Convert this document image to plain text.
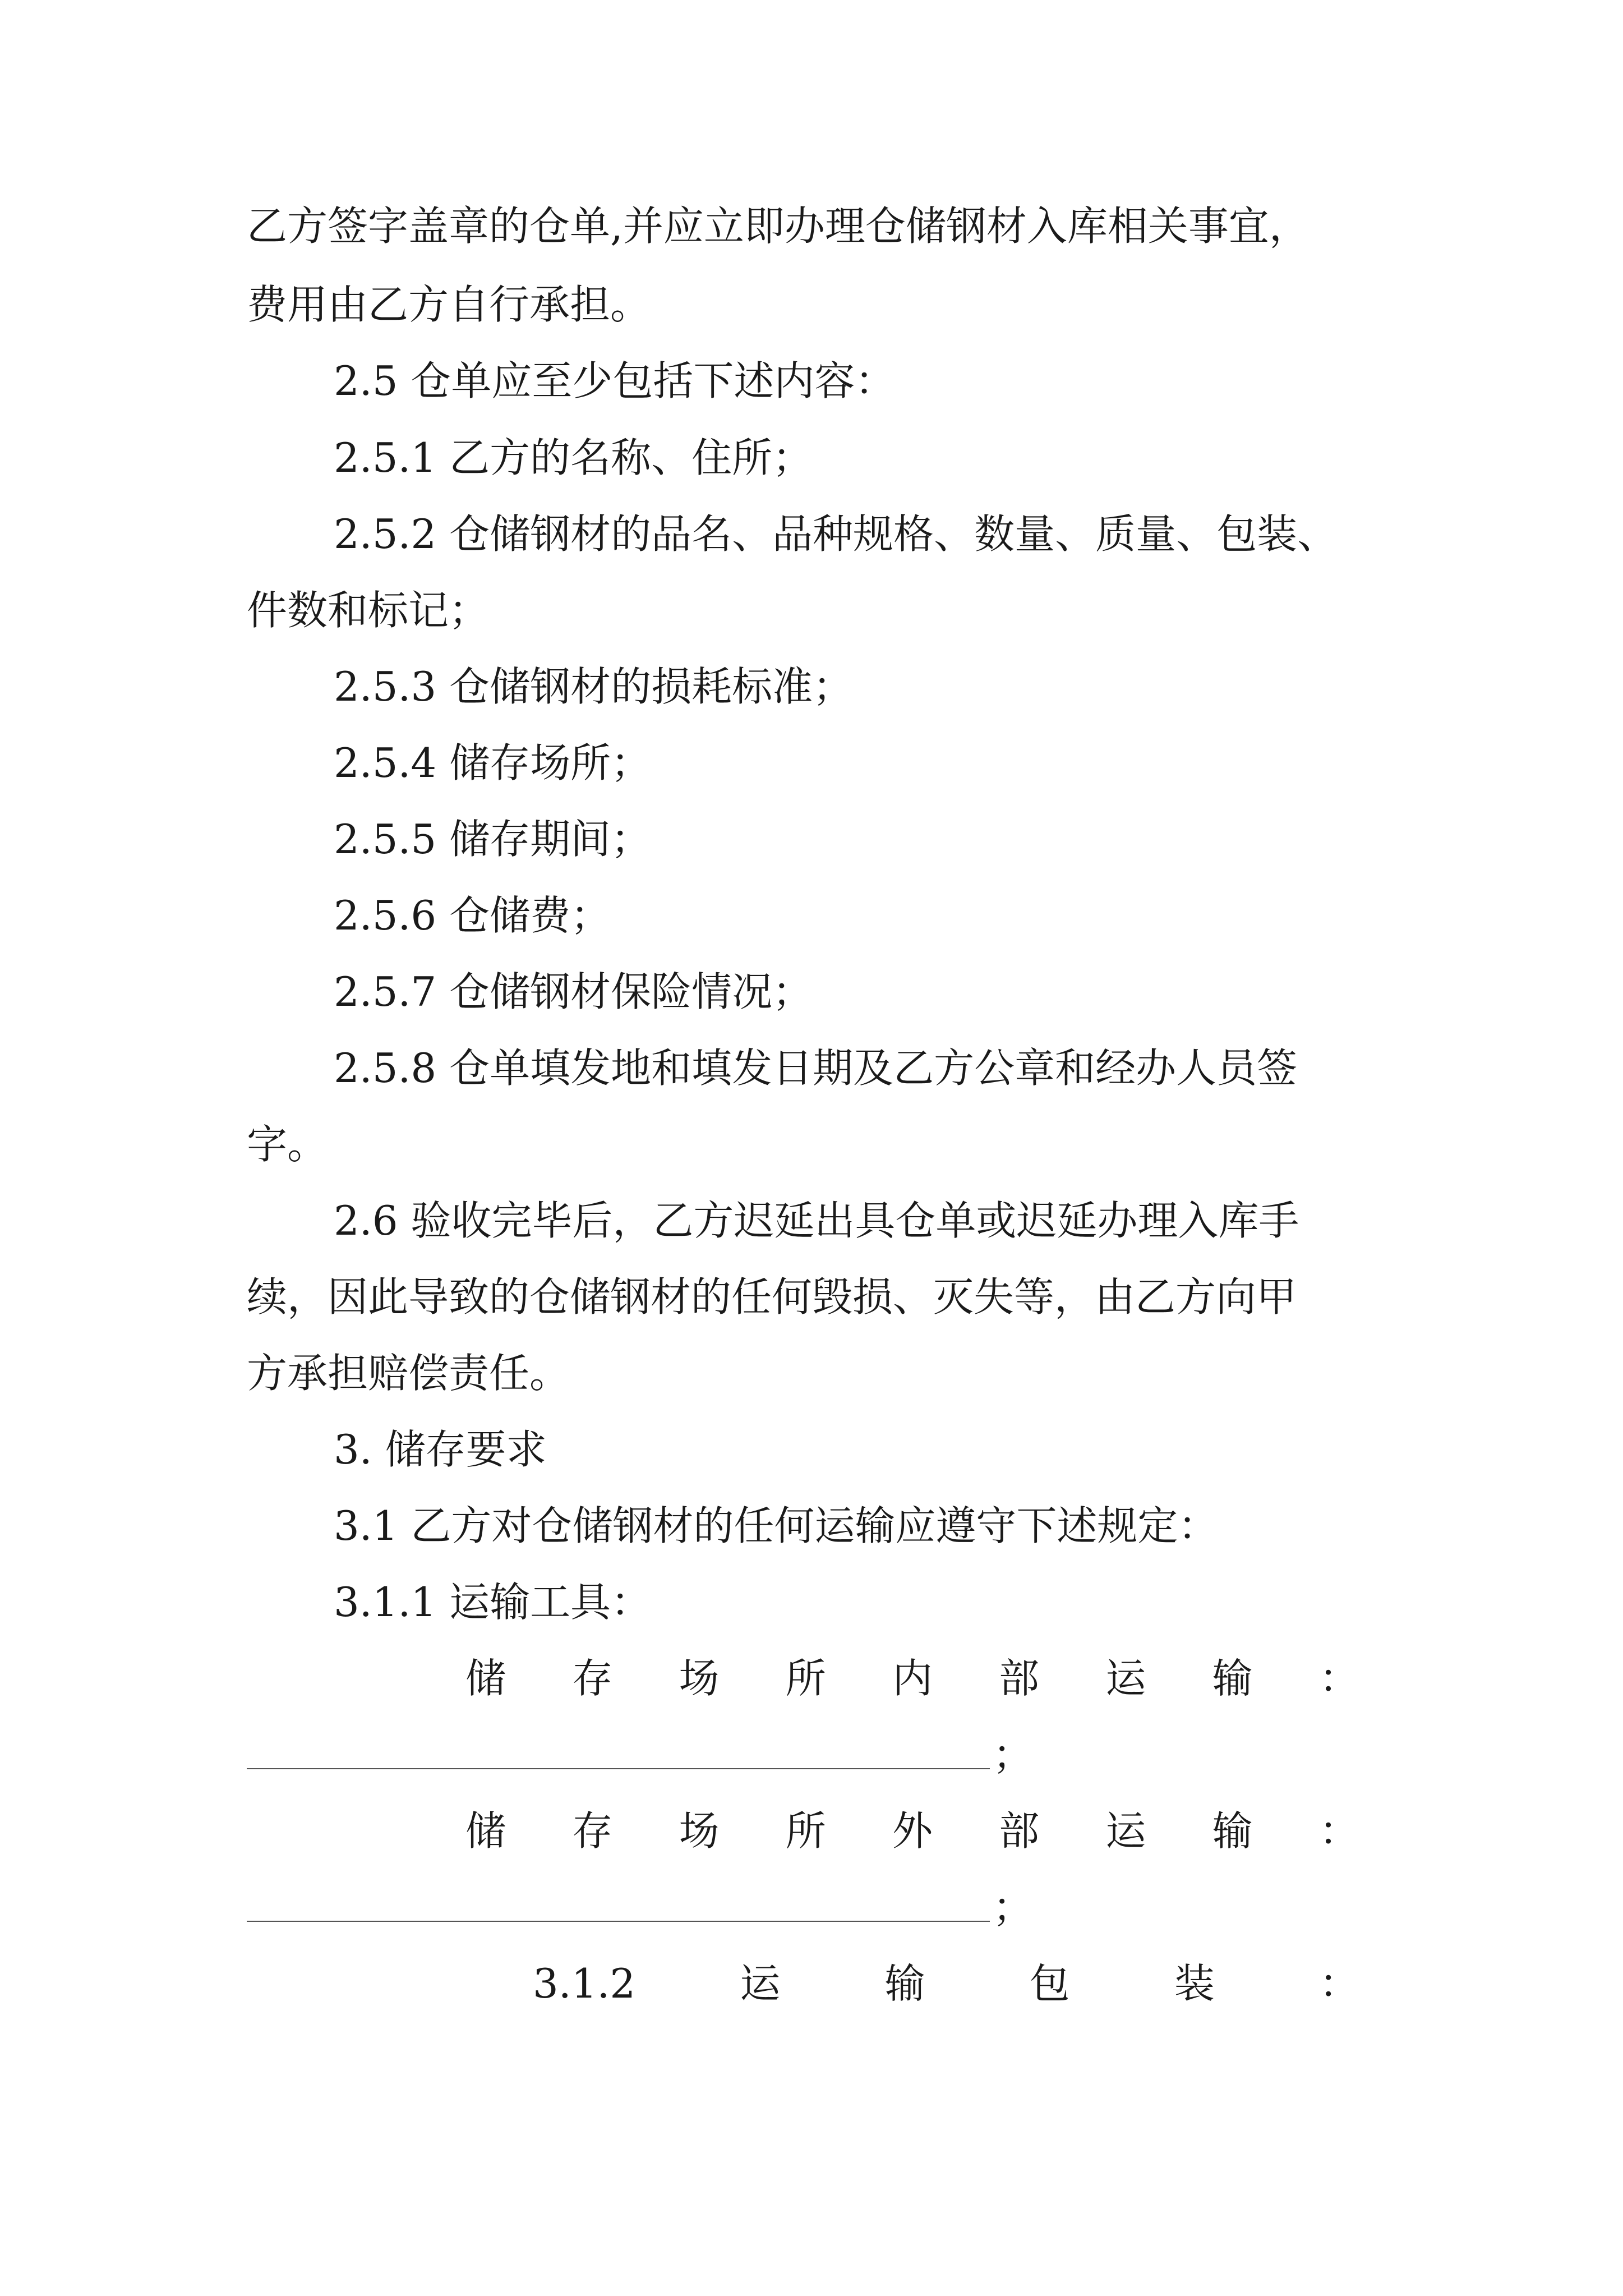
乙方签字盖章的仓单,并应立即办理仓储钢材入库相关事宜，
费用由乙方自行承担。
2.5 仓单应至少包括下述内容：
2.5.1 乙方的名称、住所；
2.5.2 仓储钢材的品名、品种规格、数量、质量、包装、
件数和标记；
2.5.3 仓储钢材的损耗标准；
2.5.4 储存场所；
2.5.5 储存期间；
2.5.6 仓储费；
2.5.7 仓储钢材保险情况；
2.5.8 仓单填发地和填发日期及乙方公章和经办人员签
字。
2.6 验收完毕后，乙方迟延出具仓单或迟延办理入库手
续，因此导致的仓储钢材的任何毁损、灭失等，由乙方向甲
方承担赔偿责任。
3. 储存要求
3.1 乙方对仓储钢材的任何运输应遵守下述规定：
3.1.1 运输工具：
储 存 场 所 内 部 运 输 ：
；
储 存 场 所 外 部 运 输 ：
；
3.1.2	运	输	包	装	：
